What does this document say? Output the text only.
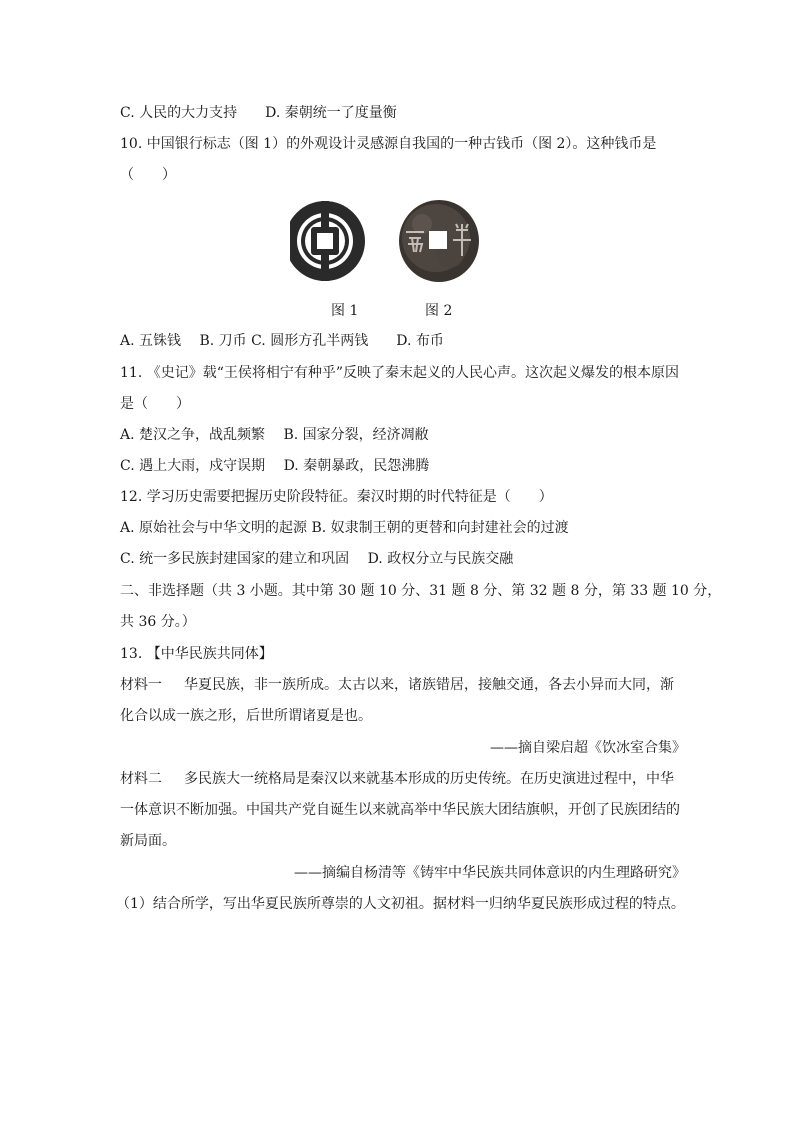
C. 人民的大力支持　　D. 秦朝统一了度量衡
10. 中国银行标志（图 1）的外观设计灵感源自我国的一种古钱币（图 2）。这种钱币是
（　　）
图 1	图 2
A. 五铢钱　 B. 刀币 C. 圆形方孔半两钱　　D. 布币
11. 《史记》载“王侯将相宁有种乎”反映了秦末起义的人民心声。这次起义爆发的根本原因
是（　　）
A. 楚汉之争，战乱频繁　 B. 国家分裂，经济凋敝
C. 遇上大雨，戍守误期　 D. 秦朝暴政，民怨沸腾
12. 学习历史需要把握历史阶段特征。秦汉时期的时代特征是（　　）
A. 原始社会与中华文明的起源 B. 奴隶制王朝的更替和向封建社会的过渡
C. 统一多民族封建国家的建立和巩固　 D. 政权分立与民族交融
二、非选择题（共 3 小题。其中第 30 题 10 分、31 题 8 分、第 32 题 8 分，第 33 题 10 分，
共 36 分。）
13. 【中华民族共同体】
材料一 华夏民族，非一族所成。太古以来，诸族错居，接触交通，各去小异而大同，渐
化合以成一族之形，后世所谓诸夏是也。
——摘自梁启超《饮冰室合集》
材料二 多民族大一统格局是秦汉以来就基本形成的历史传统。在历史演进过程中，中华
一体意识不断加强。中国共产党自诞生以来就高举中华民族大团结旗帜，开创了民族团结的
新局面。
——摘编自杨清等《铸牢中华民族共同体意识的内生理路研究》
（1）结合所学，写出华夏民族所尊崇的人文初祖。据材料一归纳华夏民族形成过程的特点。
